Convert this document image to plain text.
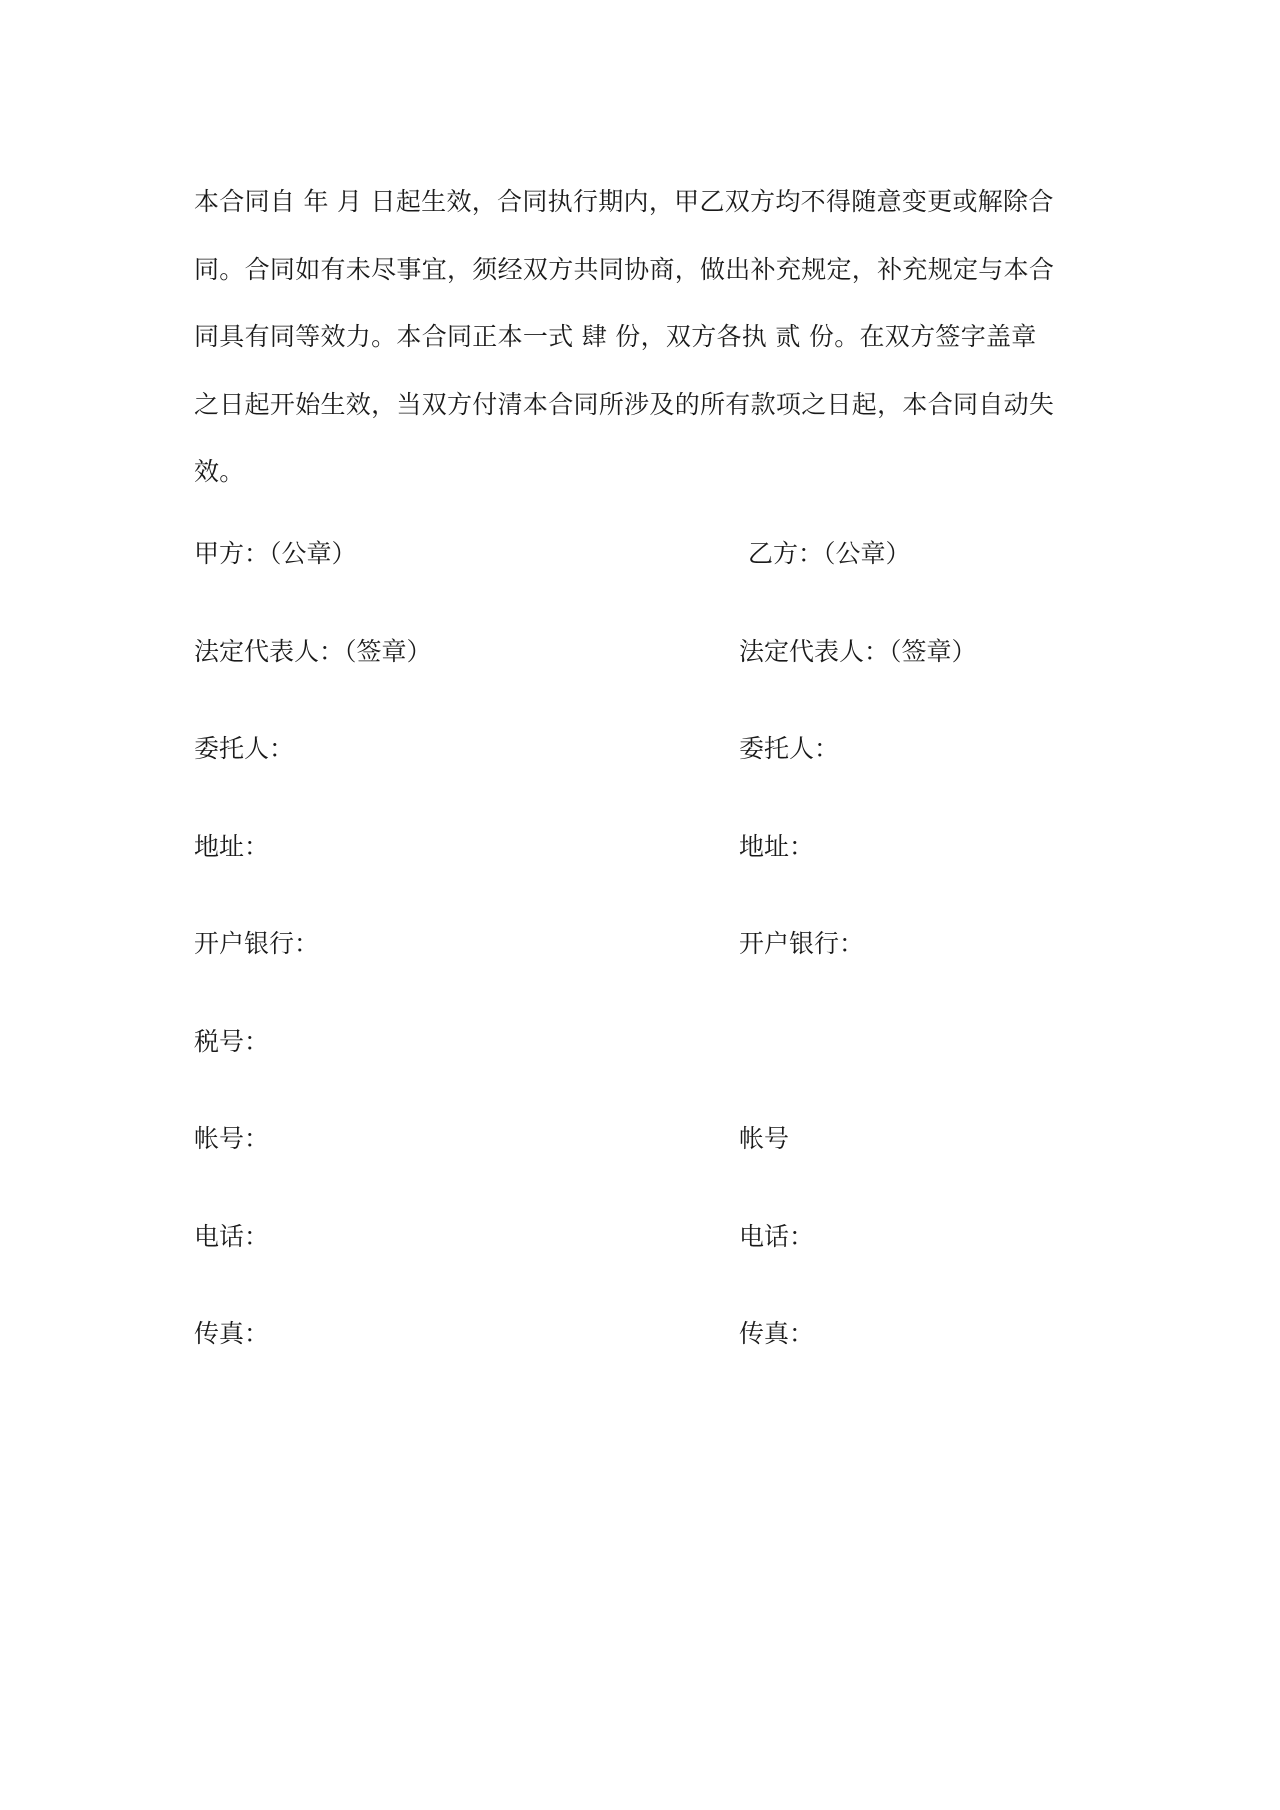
本合同自 年 月 日起生效，合同执行期内，甲乙双方均不得随意变更或解除合
同。合同如有未尽事宜，须经双方共同协商，做出补充规定，补充规定与本合
同具有同等效力。本合同正本一式 肆 份，双方各执 贰 份。在双方签字盖章
之日起开始生效，当双方付清本合同所涉及的所有款项之日起，本合同自动失
效。
甲方：（公章）	乙方：（公章）
法定代表人：（签章）	法定代表人：（签章）
委托人：	委托人：
地址：	地址：
开户银行：	开户银行：
税号：
帐号：	帐号
电话：	电话：
传真：	传真：
